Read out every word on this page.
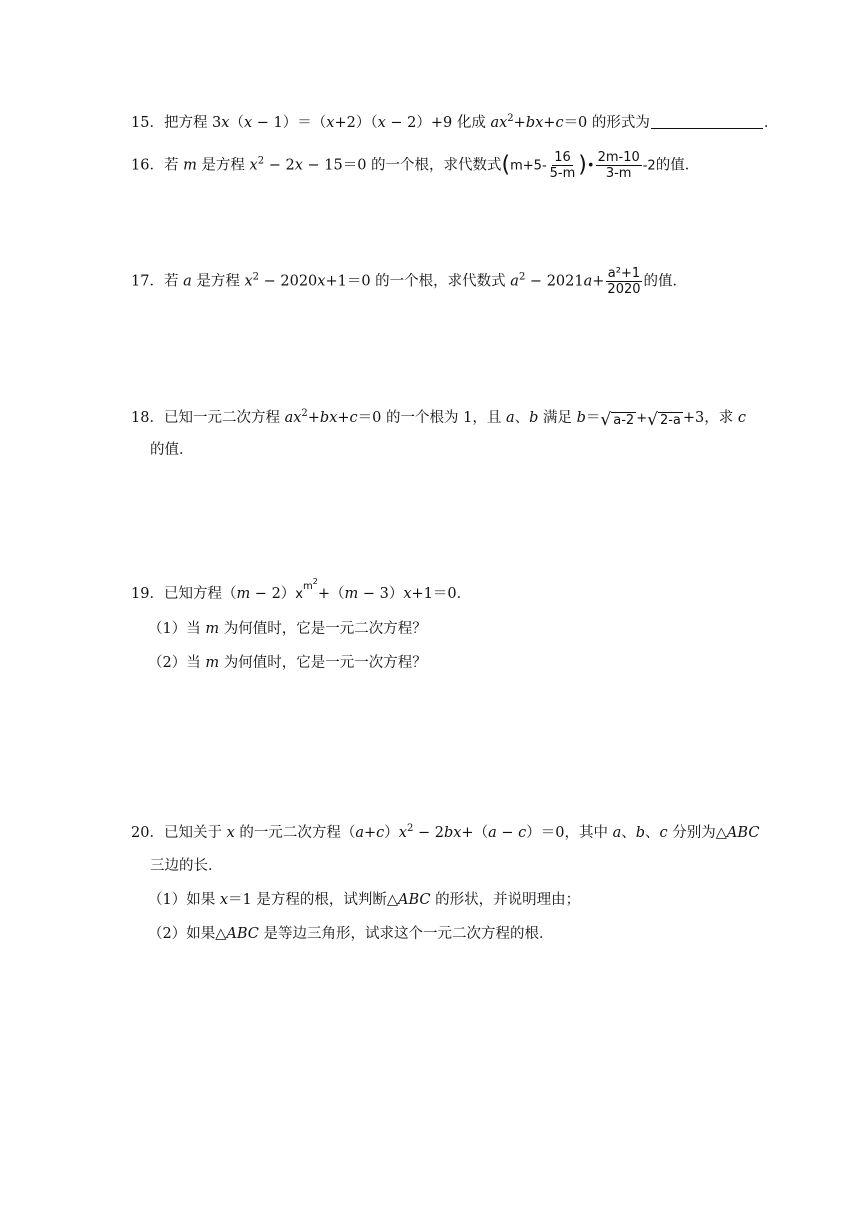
15．把方程 3x（x − 1）＝（x+2）（x − 2）+9 化成 $ax^2+bx+c=0$ 的形式为	．
16．若 m 是方程 $x^2 - 2x - 15=0$ 的一个根，求代数式($m+5- \frac{16}{5-m}$ )• $\frac{2m-10}{3-m} -2$的值．
17．若 a 是方程 $x^2 - 2020x+1=0$ 的一个根，求代数式 $a^2 - 2021a+ \frac{\text{a²+1}}{2020}$ 的值．
18．已知一元二次方程 $ax^2+bx+c=0$ 的一个根为 1，且 a、b 满足 b＝ √ a-2 + √ 2-a +3，求 c
的值．
19．已知方程$(m - 2)x^{m^2}+(m - 3)x+1=0$．
（1）当 m 为何值时，它是一元二次方程？
（2）当 m 为何值时，它是一元一次方程？
20．已知关于 x 的一元二次方程$(a+c)x^2 - 2bx+(a - c)=0$，其中 a、b、c 分别为△ABC
三边的长．
（1）如果 x＝1 是方程的根，试判断△ABC 的形状，并说明理由；
（2）如果△ABC 是等边三角形，试求这个一元二次方程的根．
